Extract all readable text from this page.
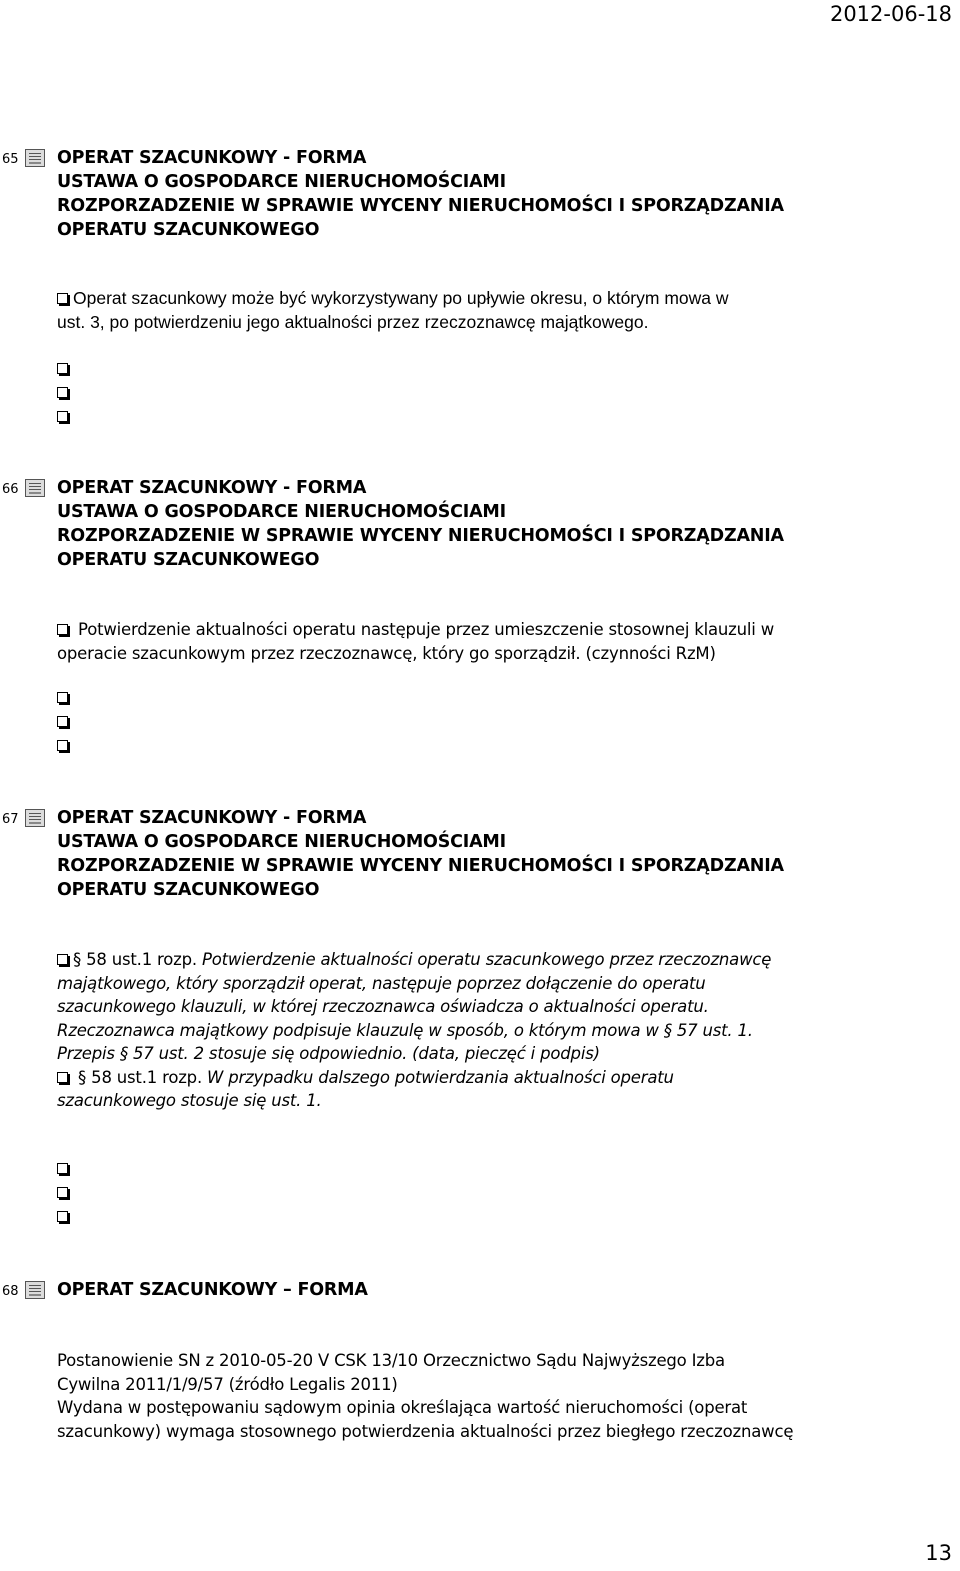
2012-06-18
65 OPERAT SZACUNKOWY - FORMA
USTAWA O GOSPODARCE NIERUCHOMOŚCIAMI
ROZPORZADZENIE W SPRAWIE WYCENY NIERUCHOMOŚCI I SPORZĄDZANIA
OPERATU SZACUNKOWEGO
Operat szacunkowy może być wykorzystywany po upływie okresu, o którym mowa w
ust. 3, po potwierdzeniu jego aktualności przez rzeczoznawcę majątkowego.
66 OPERAT SZACUNKOWY - FORMA
USTAWA O GOSPODARCE NIERUCHOMOŚCIAMI
ROZPORZADZENIE W SPRAWIE WYCENY NIERUCHOMOŚCI I SPORZĄDZANIA
OPERATU SZACUNKOWEGO
Potwierdzenie aktualności operatu następuje przez umieszczenie stosownej klauzuli w
operacie szacunkowym przez rzeczoznawcę, który go sporządził. (czynności RzM)
67 OPERAT SZACUNKOWY - FORMA
USTAWA O GOSPODARCE NIERUCHOMOŚCIAMI
ROZPORZADZENIE W SPRAWIE WYCENY NIERUCHOMOŚCI I SPORZĄDZANIA
OPERATU SZACUNKOWEGO
§ 58 ust.1 rozp. Potwierdzenie aktualności operatu szacunkowego przez rzeczoznawcę
majątkowego, który sporządził operat, następuje poprzez dołączenie do operatu
szacunkowego klauzuli, w której rzeczoznawca oświadcza o aktualności operatu.
Rzeczoznawca majątkowy podpisuje klauzulę w sposób, o którym mowa w § 57 ust. 1.
Przepis § 57 ust. 2 stosuje się odpowiednio. (data, pieczęć i podpis)
§ 58 ust.1 rozp. W przypadku dalszego potwierdzania aktualności operatu
szacunkowego stosuje się ust. 1.
68 OPERAT SZACUNKOWY – FORMA
Postanowienie SN z 2010-05-20 V CSK 13/10 Orzecznictwo Sądu Najwyższego Izba
Cywilna 2011/1/9/57 (źródło Legalis 2011)
Wydana w postępowaniu sądowym opinia określająca wartość nieruchomości (operat
szacunkowy) wymaga stosownego potwierdzenia aktualności przez biegłego rzeczoznawcę
13
